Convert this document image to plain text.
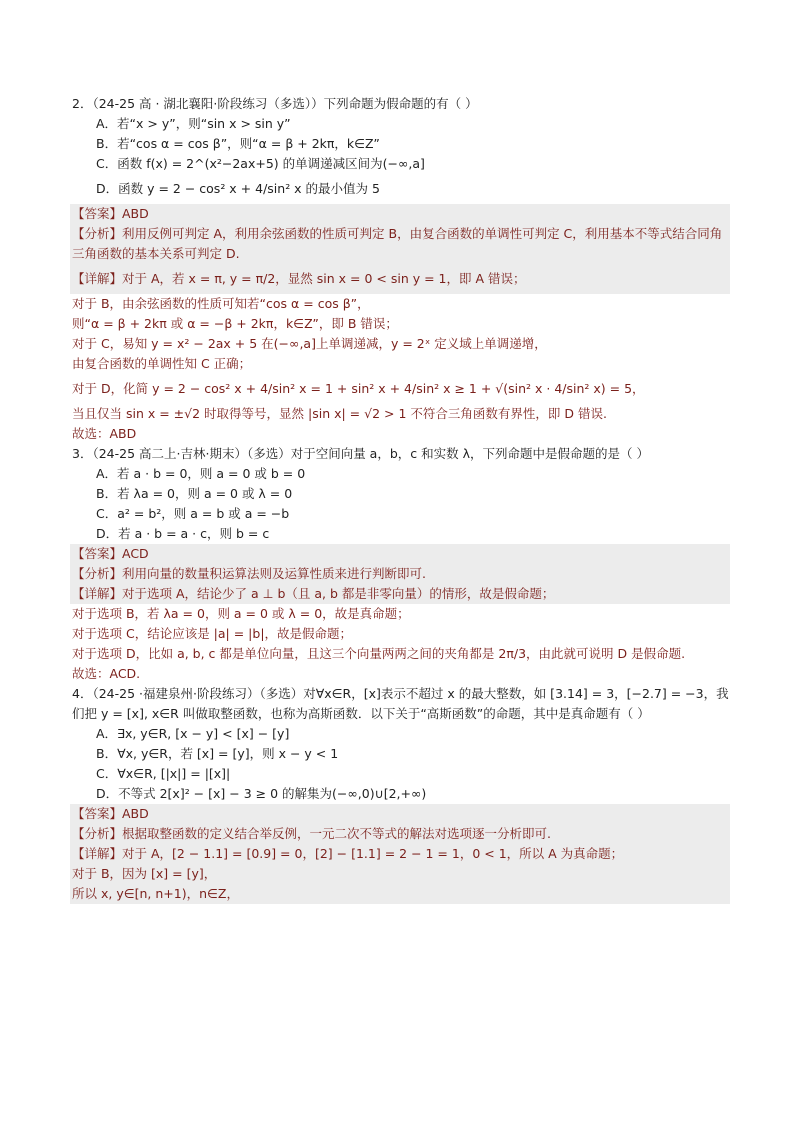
2．（24-25 高 · 湖北襄阳·阶段练习（多选））下列命题为假命题的有（ ）
A．若“x > y”，则“sin x > sin y”
B．若“cos α = cos β”，则“α = β + 2kπ，k∈Z”
C．函数 f(x) = 2^(x²−2ax+5) 的单调递减区间为(−∞,a]
D．函数 y = 2 − cos² x + 4/sin² x 的最小值为 5
【答案】ABD
【分析】利用反例可判定 A，利用余弦函数的性质可判定 B，由复合函数的单调性可判定 C，利用基本不等式结合同角三角函数的基本关系可判定 D.
【详解】对于 A，若 x = π, y = π/2，显然 sin x = 0 < sin y = 1，即 A 错误；
对于 B，由余弦函数的性质可知若“cos α = cos β”，
则“α = β + 2kπ 或 α = −β + 2kπ，k∈Z”，即 B 错误；
对于 C，易知 y = x² − 2ax + 5 在(−∞,a]上单调递减，y = 2ˣ 定义域上单调递增，
由复合函数的单调性知 C 正确；
对于 D，化简 y = 2 − cos² x + 4/sin² x = 1 + sin² x + 4/sin² x ≥ 1 + √(sin² x · 4/sin² x) = 5，
当且仅当 sin x = ±√2 时取得等号，显然 |sin x| = √2 > 1 不符合三角函数有界性，即 D 错误.
故选：ABD
3．（24-25 高二上·吉林·期末）（多选）对于空间向量 a，b，c 和实数 λ，下列命题中是假命题的是（ ）
A．若 a · b = 0，则 a = 0 或 b = 0
B．若 λa = 0，则 a = 0 或 λ = 0
C．a² = b²，则 a = b 或 a = −b
D．若 a · b = a · c，则 b = c
【答案】ACD
【分析】利用向量的数量积运算法则及运算性质来进行判断即可.
【详解】对于选项 A，结论少了 a ⊥ b（且 a, b 都是非零向量）的情形，故是假命题；
对于选项 B，若 λa = 0，则 a = 0 或 λ = 0，故是真命题；
对于选项 C，结论应该是 |a| = |b|，故是假命题；
对于选项 D，比如 a, b, c 都是单位向量，且这三个向量两两之间的夹角都是 2π/3，由此就可说明 D 是假命题.
故选：ACD.
4．（24-25 ·福建泉州·阶段练习）（多选）对∀x∈R，[x]表示不超过 x 的最大整数，如 [3.14] = 3，[−2.7] = −3，我们把 y = [x], x∈R 叫做取整函数，也称为高斯函数．以下关于“高斯函数”的命题，其中是真命题有（ ）
A．∃x, y∈R, [x − y] < [x] − [y]
B．∀x, y∈R，若 [x] = [y]，则 x − y < 1
C．∀x∈R, [|x|] = |[x]|
D．不等式 2[x]² − [x] − 3 ≥ 0 的解集为(−∞,0)∪[2,+∞)
【答案】ABD
【分析】根据取整函数的定义结合举反例，一元二次不等式的解法对选项逐一分析即可.
【详解】对于 A，[2 − 1.1] = [0.9] = 0，[2] − [1.1] = 2 − 1 = 1，0 < 1，所以 A 为真命题；
对于 B，因为 [x] = [y]，
所以 x, y∈[n, n+1)，n∈Z，
